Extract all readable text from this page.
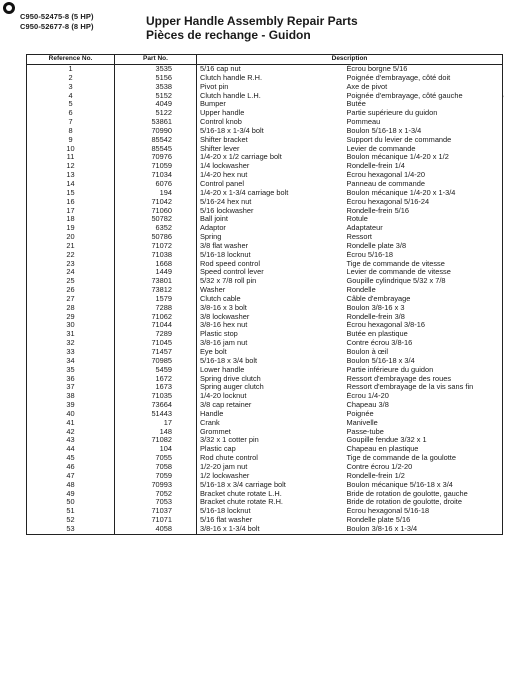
C950-52475-8 (5 HP)
C950-52677-8 (8 HP)	Upper Handle Assembly Repair Parts
Pièces de rechange - Guidon
‘
Reference No.	Part No.	Description	
1	3535	5/16 cap nut	Écrou borgne 5/16
2	5156	Clutch handle R.H.	Poignée d'embrayage, côté doit
3	3538	Pivot pin	Axe de pivot
4	5152	Clutch handle L.H.	Poignée d'embrayage, côté gauche
5	4049	Bumper	Butée
6	5122	Upper handle	Partie supérieure du guidon
7	53861	Control knob	Pommeau
8	70990	5/16-18 x 1-3/4 bolt	Boulon 5/16-18 x 1-3/4
9	85542	Shifter bracket	Support du levier de commande
10	85545	Shifter lever	Levier de commande
11	70976	1/4-20 x 1/2 carriage bolt	Boulon mécanique 1/4-20 x 1/2
12	71059	1/4 lockwasher	Rondelle-frein 1/4
13	71034	1/4-20 hex nut	Écrou hexagonal 1/4-20
14	6076	Control panel	Panneau de commande
15	194	1/4-20 x 1-3/4 carriage bolt	Boulon mécanique 1/4-20 x 1-3/4
16	71042	5/16-24 hex nut	Écrou hexagonal 5/16-24
17	71060	5/16 lockwasher	Rondelle-frein 5/16
18	50782	Ball joint	Rotule
19	6352	Adaptor	Adaptateur
20	50786	Spring	Ressort
21	71072	3/8 flat washer	Rondelle plate 3/8
22	71038	5/16-18 locknut	Écrou 5/16-18
23	1668	Rod speed control	Tige de commande de vitesse
24	1449	Speed control lever	Levier de commande de vitesse
25	73801	5/32 x 7/8 roll pin	Goupille cylindrique 5/32 x 7/8
26	73812	Washer	Rondelle
27	1579	Clutch cable	Câble d'embrayage
28	7288	3/8-16 x 3 bolt	Boulon 3/8-16 x 3
29	71062	3/8 lockwasher	Rondelle-frein 3/8
30	71044	3/8-16 hex nut	Écrou hexagonal 3/8-16
31	7289	Plastic stop	Butée en plastique
32	71045	3/8-16 jam nut	Contre écrou 3/8-16
33	71457	Eye bolt	Boulon à œil
34	70985	5/16-18 x 3/4 bolt	Boulon 5/16-18 x 3/4
35	5459	Lower handle	Partie inférieure du guidon
36	1672	Spring drive clutch	Ressort d'embrayage des roues
37	1673	Spring auger clutch	Ressort d'embrayage de la vis sans fin
38	71035	1/4-20 locknut	Écrou 1/4-20
39	73664	3/8 cap retainer	Chapeau 3/8
40	51443	Handle	Poignée
41	17	Crank	Manivelle
42	148	Grommet	Passe-tube
43	71082	3/32 x 1 cotter pin	Goupille fendue 3/32 x 1
44	104	Plastic cap	Chapeau en plastique
45	7055	Rod chute control	Tige de commande de la goulotte
46	7058	1/2-20 jam nut	Contre écrou 1/2-20
47	7059	1/2 lockwasher	Rondelle-frein 1/2
48	70993	5/16-18 x 3/4 carriage bolt	Boulon mécanique 5/16-18 x 3/4
49	7052	Bracket chute rotate L.H.	Bride de rotation de goulotte, gauche
50	7053	Bracket chute rotate R.H.	Bride de rotation de goulotte, droite
51	71037	5/16-18 locknut	Écrou hexagonal 5/16-18
52	71071	5/16 flat washer	Rondelle plate 5/16
53	4058	3/8-16 x 1-3/4 bolt	Boulon 3/8-16 x 1-3/4
